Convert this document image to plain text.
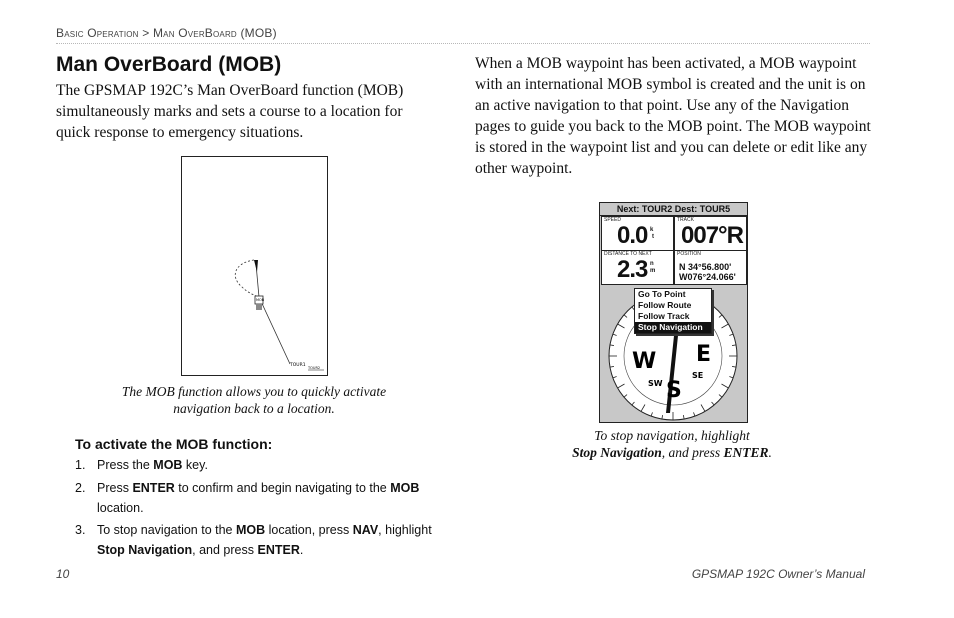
Basic Operation > Man OverBoard (MOB)
Man OverBoard (MOB)

The GPSMAP 192C’s Man OverBoard function (MOB) simultaneously marks and sets a course to a location for quick response to emergency situations.

MOB
TOUR1 TOUR2
The MOB function allows you to quickly activate navigation back to a location.
To activate the MOB function:
1. Press the MOB key.
2. Press ENTER to confirm and begin navigating to the MOB location.
3. To stop navigation to the MOB location, press NAV, highlight Stop Navigation, and press ENTER.

When a MOB waypoint has been activated, a MOB waypoint with an international MOB symbol is created and the unit is on an active navigation to that point. Use any of the Navigation pages to guide you back to the MOB point. The MOB waypoint is stored in the waypoint list and you can delete or edit like any other waypoint.

Next: TOUR2 Dest: TOUR5
SPEED
0.0 k
t
TRACK
007°R
DISTANCE TO NEXT
2.3 n
m
POSITION
N 34°56.800'
W076°24.066'
W E
S
SW
SE
Go To Point
Follow Route
Follow Track
Stop Navigation
To stop navigation, highlight
Stop Navigation, and press ENTER.
10	GPSMAP 192C Owner’s Manual
